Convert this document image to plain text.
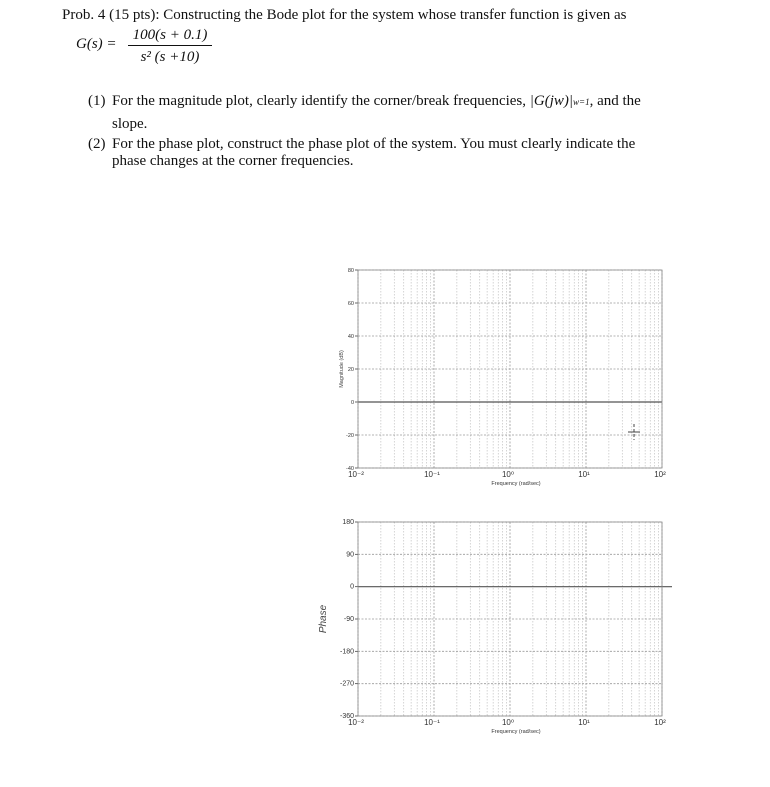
Prob. 4 (15 pts): Constructing the Bode plot for the system whose transfer function is given as
G(s) =
100(s + 0.1)
s² (s +10)
(1) For the magnitude plot, clearly identify the corner/break frequencies, |G(jw)|w=1, and the
slope.
(2) For the phase plot, construct the phase plot of the system. You must clearly indicate the
phase changes at the corner frequencies.
80
60
40
20
0
-20
-40
10⁻²	10⁻¹	10⁰	10¹	10²
Frequency (rad/sec)
Magnitude (dB)
180
90
0
-90
-180
-270
-360
10⁻²	10⁻¹	10⁰	10¹	10²
Frequency (rad/sec)
Phase
